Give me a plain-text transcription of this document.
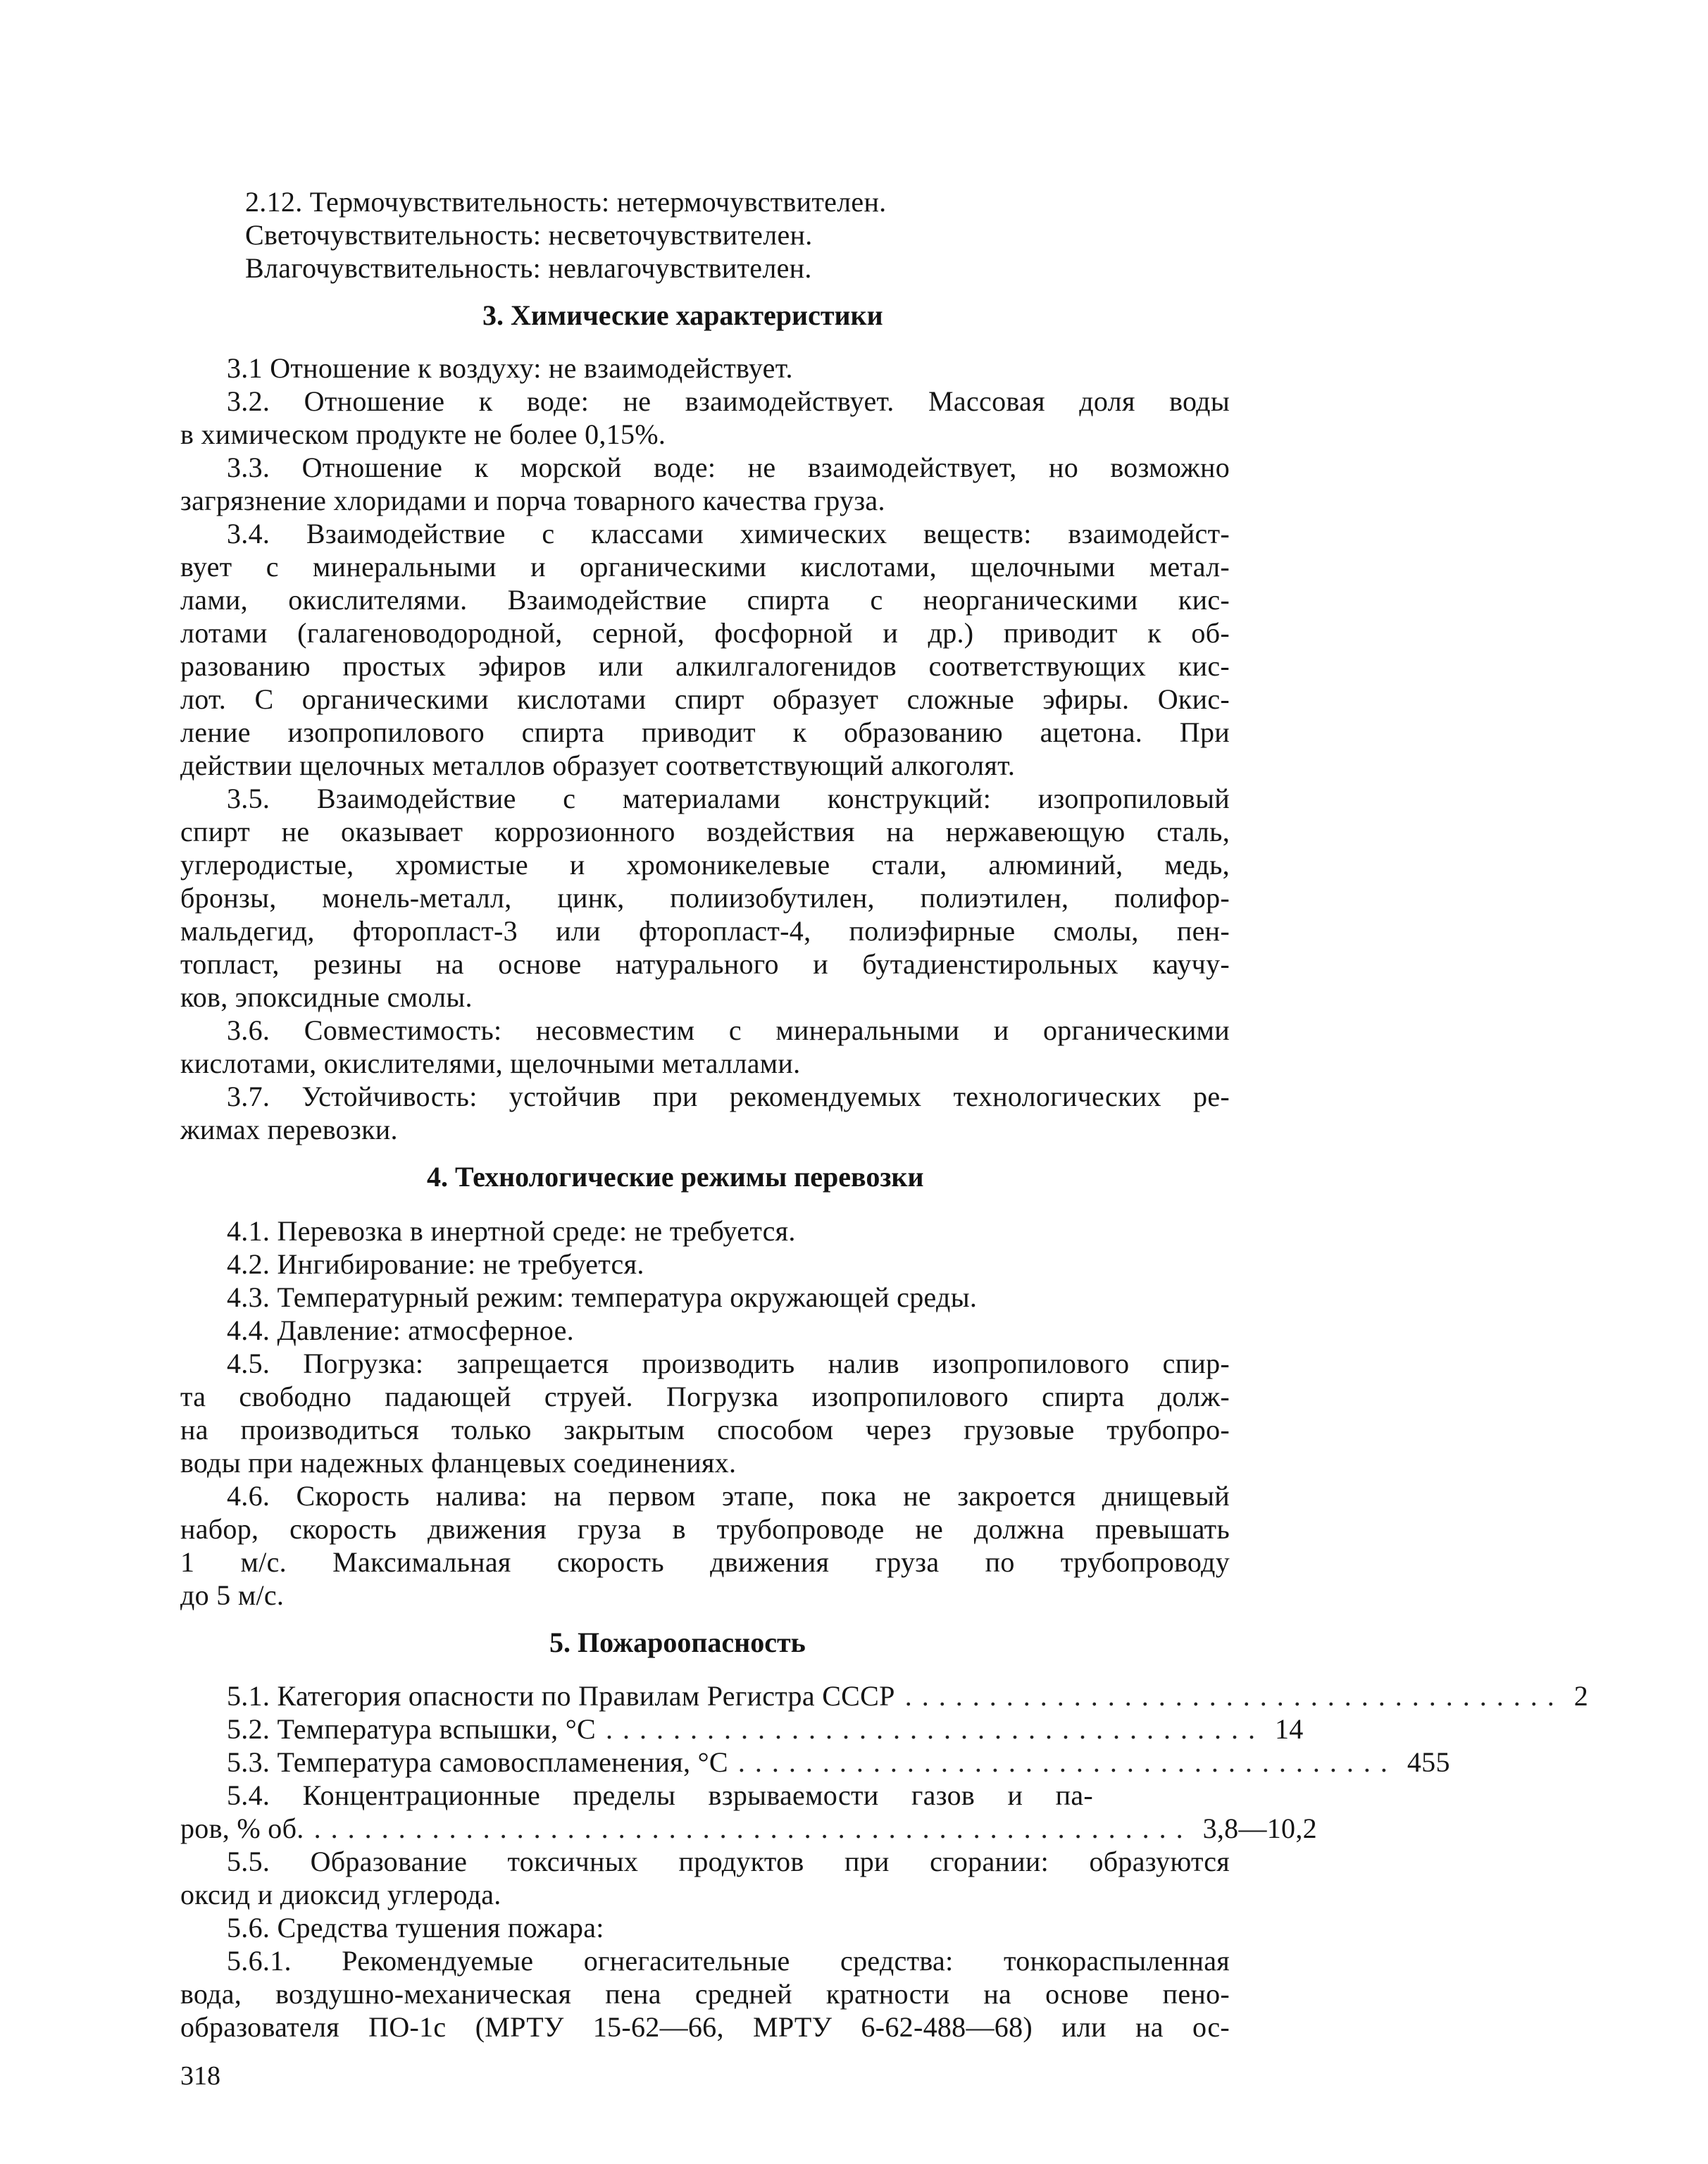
2.12. Термочувствительность: нетермочувствителен.

Светочувствительность: несветочувствителен.

Влагочувствительность: невлагочувствителен.

3. Химические характеристики

3.1 Отношение к воздуху: не взаимодействует.

3.2. Отношение к воде: не взаимодействует. Массовая доля воды

в химическом продукте не более 0,15%.

3.3. Отношение к морской воде: не взаимодействует, но возможно

загрязнение хлоридами и порча товарного качества груза.

3.4. Взаимодействие с классами химических веществ: взаимодейст-

вует с минеральными и органическими кислотами, щелочными метал-

лами, окислителями. Взаимодействие спирта с неорганическими кис-

лотами (галагеноводородной, серной, фосфорной и др.) приводит к об-

разованию простых эфиров или алкилгалогенидов соответствующих кис-

лот. С органическими кислотами спирт образует сложные эфиры. Окис-

ление изопропилового спирта приводит к образованию ацетона. При

действии щелочных металлов образует соответствующий алкоголят.

3.5. Взаимодействие с материалами конструкций: изопропиловый

спирт не оказывает коррозионного воздействия на нержавеющую сталь,

углеродистые, хромистые и хромоникелевые стали, алюминий, медь,

бронзы, монель-металл, цинк, полиизобутилен, полиэтилен, полифор-

мальдегид, фторопласт-3 или фторопласт-4, полиэфирные смолы, пен-

топласт, резины на основе натурального и бутадиенстирольных каучу-

ков, эпоксидные смолы.

3.6. Совместимость: несовместим с минеральными и органическими

кислотами, окислителями, щелочными металлами.

3.7. Устойчивость: устойчив при рекомендуемых технологических ре-

жимах перевозки.

4. Технологические режимы перевозки

4.1. Перевозка в инертной среде: не требуется.

4.2. Ингибирование: не требуется.

4.3. Температурный режим: температура окружающей среды.

4.4. Давление: атмосферное.

4.5. Погрузка: запрещается производить налив изопропилового спир-

та свободно падающей струей. Погрузка изопропилового спирта долж-

на производиться только закрытым способом через грузовые трубопро-

воды при надежных фланцевых соединениях.

4.6. Скорость налива: на первом этапе, пока не закроется днищевый

набор, скорость движения груза в трубопроводе не должна превышать

1 м/с. Максимальная скорость движения груза по трубопроводу

до 5 м/с.

5. Пожароопасность
5.1. Категория опасности по Правилам Регистра СССР ....................................... 2
5.2. Температура вспышки, °С ....................................... 14
5.3. Температура самовоспламенения, °С ....................................... 455

5.4. Концентрационные пределы взрываемости газов и па-

ров, % об. .................................................... 3,8—10,2

5.5. Образование токсичных продуктов при сгорании: образуются

оксид и диоксид углерода.

5.6. Средства тушения пожара:

5.6.1. Рекомендуемые огнегасительные средства: тонкораспыленная

вода, воздушно-механическая пена средней кратности на основе пено-

образователя ПО-1с (МРТУ 15-62—66, МРТУ 6-62-488—68) или на ос-

318
